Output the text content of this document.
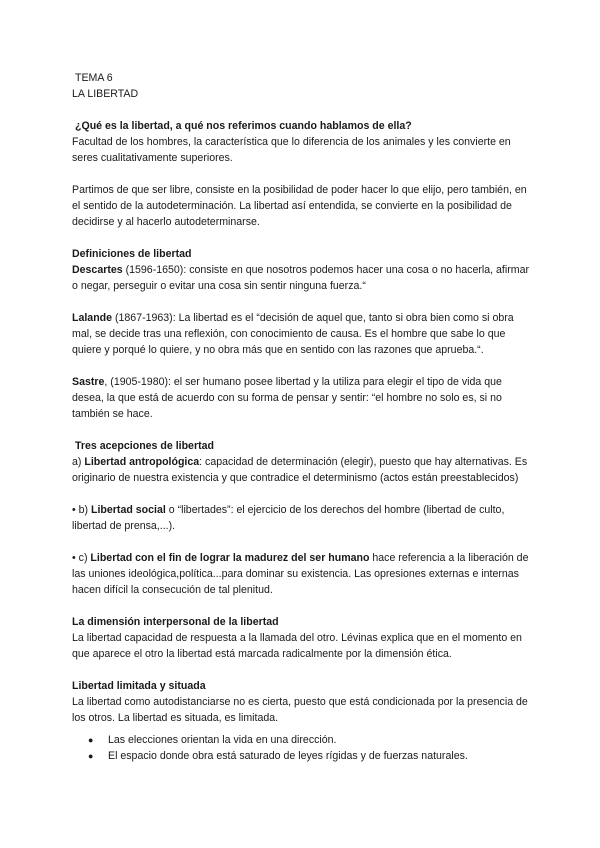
TEMA 6

LA LIBERTAD

¿Qué es la libertad, a qué nos referimos cuando hablamos de ella?

Facultad de los hombres, la característica que lo diferencia de los animales y les convierte en seres cualitativamente superiores.

Partimos de que ser libre, consiste en la posibilidad de poder hacer lo que elijo, pero también, en el sentido de la autodeterminación. La libertad así entendida, se convierte en la posibilidad de decidirse y al hacerlo autodeterminarse.

Definiciones de libertad

Descartes (1596-1650): consiste en que nosotros podemos hacer una cosa o no hacerla, afirmar o negar, perseguir o evitar una cosa sin sentir ninguna fuerza.“

Lalande (1867-1963): La libertad es el “decisión de aquel que, tanto si obra bien como si obra mal, se decide tras una reflexión, con conocimiento de causa. Es el hombre que sabe lo que quiere y porqué lo quiere, y no obra más que en sentido con las razones que aprueba.“.

Sastre, (1905-1980): el ser humano posee libertad y la utiliza para elegir el tipo de vida que desea, la que está de acuerdo con su forma de pensar y sentir: “el hombre no solo es, si no también se hace.

Tres acepciones de libertad

a) Libertad antropológica: capacidad de determinación (elegir), puesto que hay alternativas. Es originario de nuestra existencia y que contradice el determinismo (actos están preestablecidos)

• b) Libertad social o “libertades”: el ejercicio de los derechos del hombre (libertad de culto, libertad de prensa,...).

• c) Libertad con el fin de lograr la madurez del ser humano hace referencia a la liberación de las uniones ideológica,política...para dominar su existencia. Las opresiones externas e internas hacen difícil la consecución de tal plenitud.

La dimensión interpersonal de la libertad

La libertad capacidad de respuesta a la llamada del otro. Lévinas explica que en el momento en que aparece el otro la libertad está marcada radicalmente por la dimensión ética.

Libertad limitada y situada

La libertad como autodistanciarse no es cierta, puesto que está condicionada por la presencia de los otros. La libertad es situada, es limitada.

● Las elecciones orientan la vida en una dirección.
● El espacio donde obra está saturado de leyes rígidas y de fuerzas naturales.
